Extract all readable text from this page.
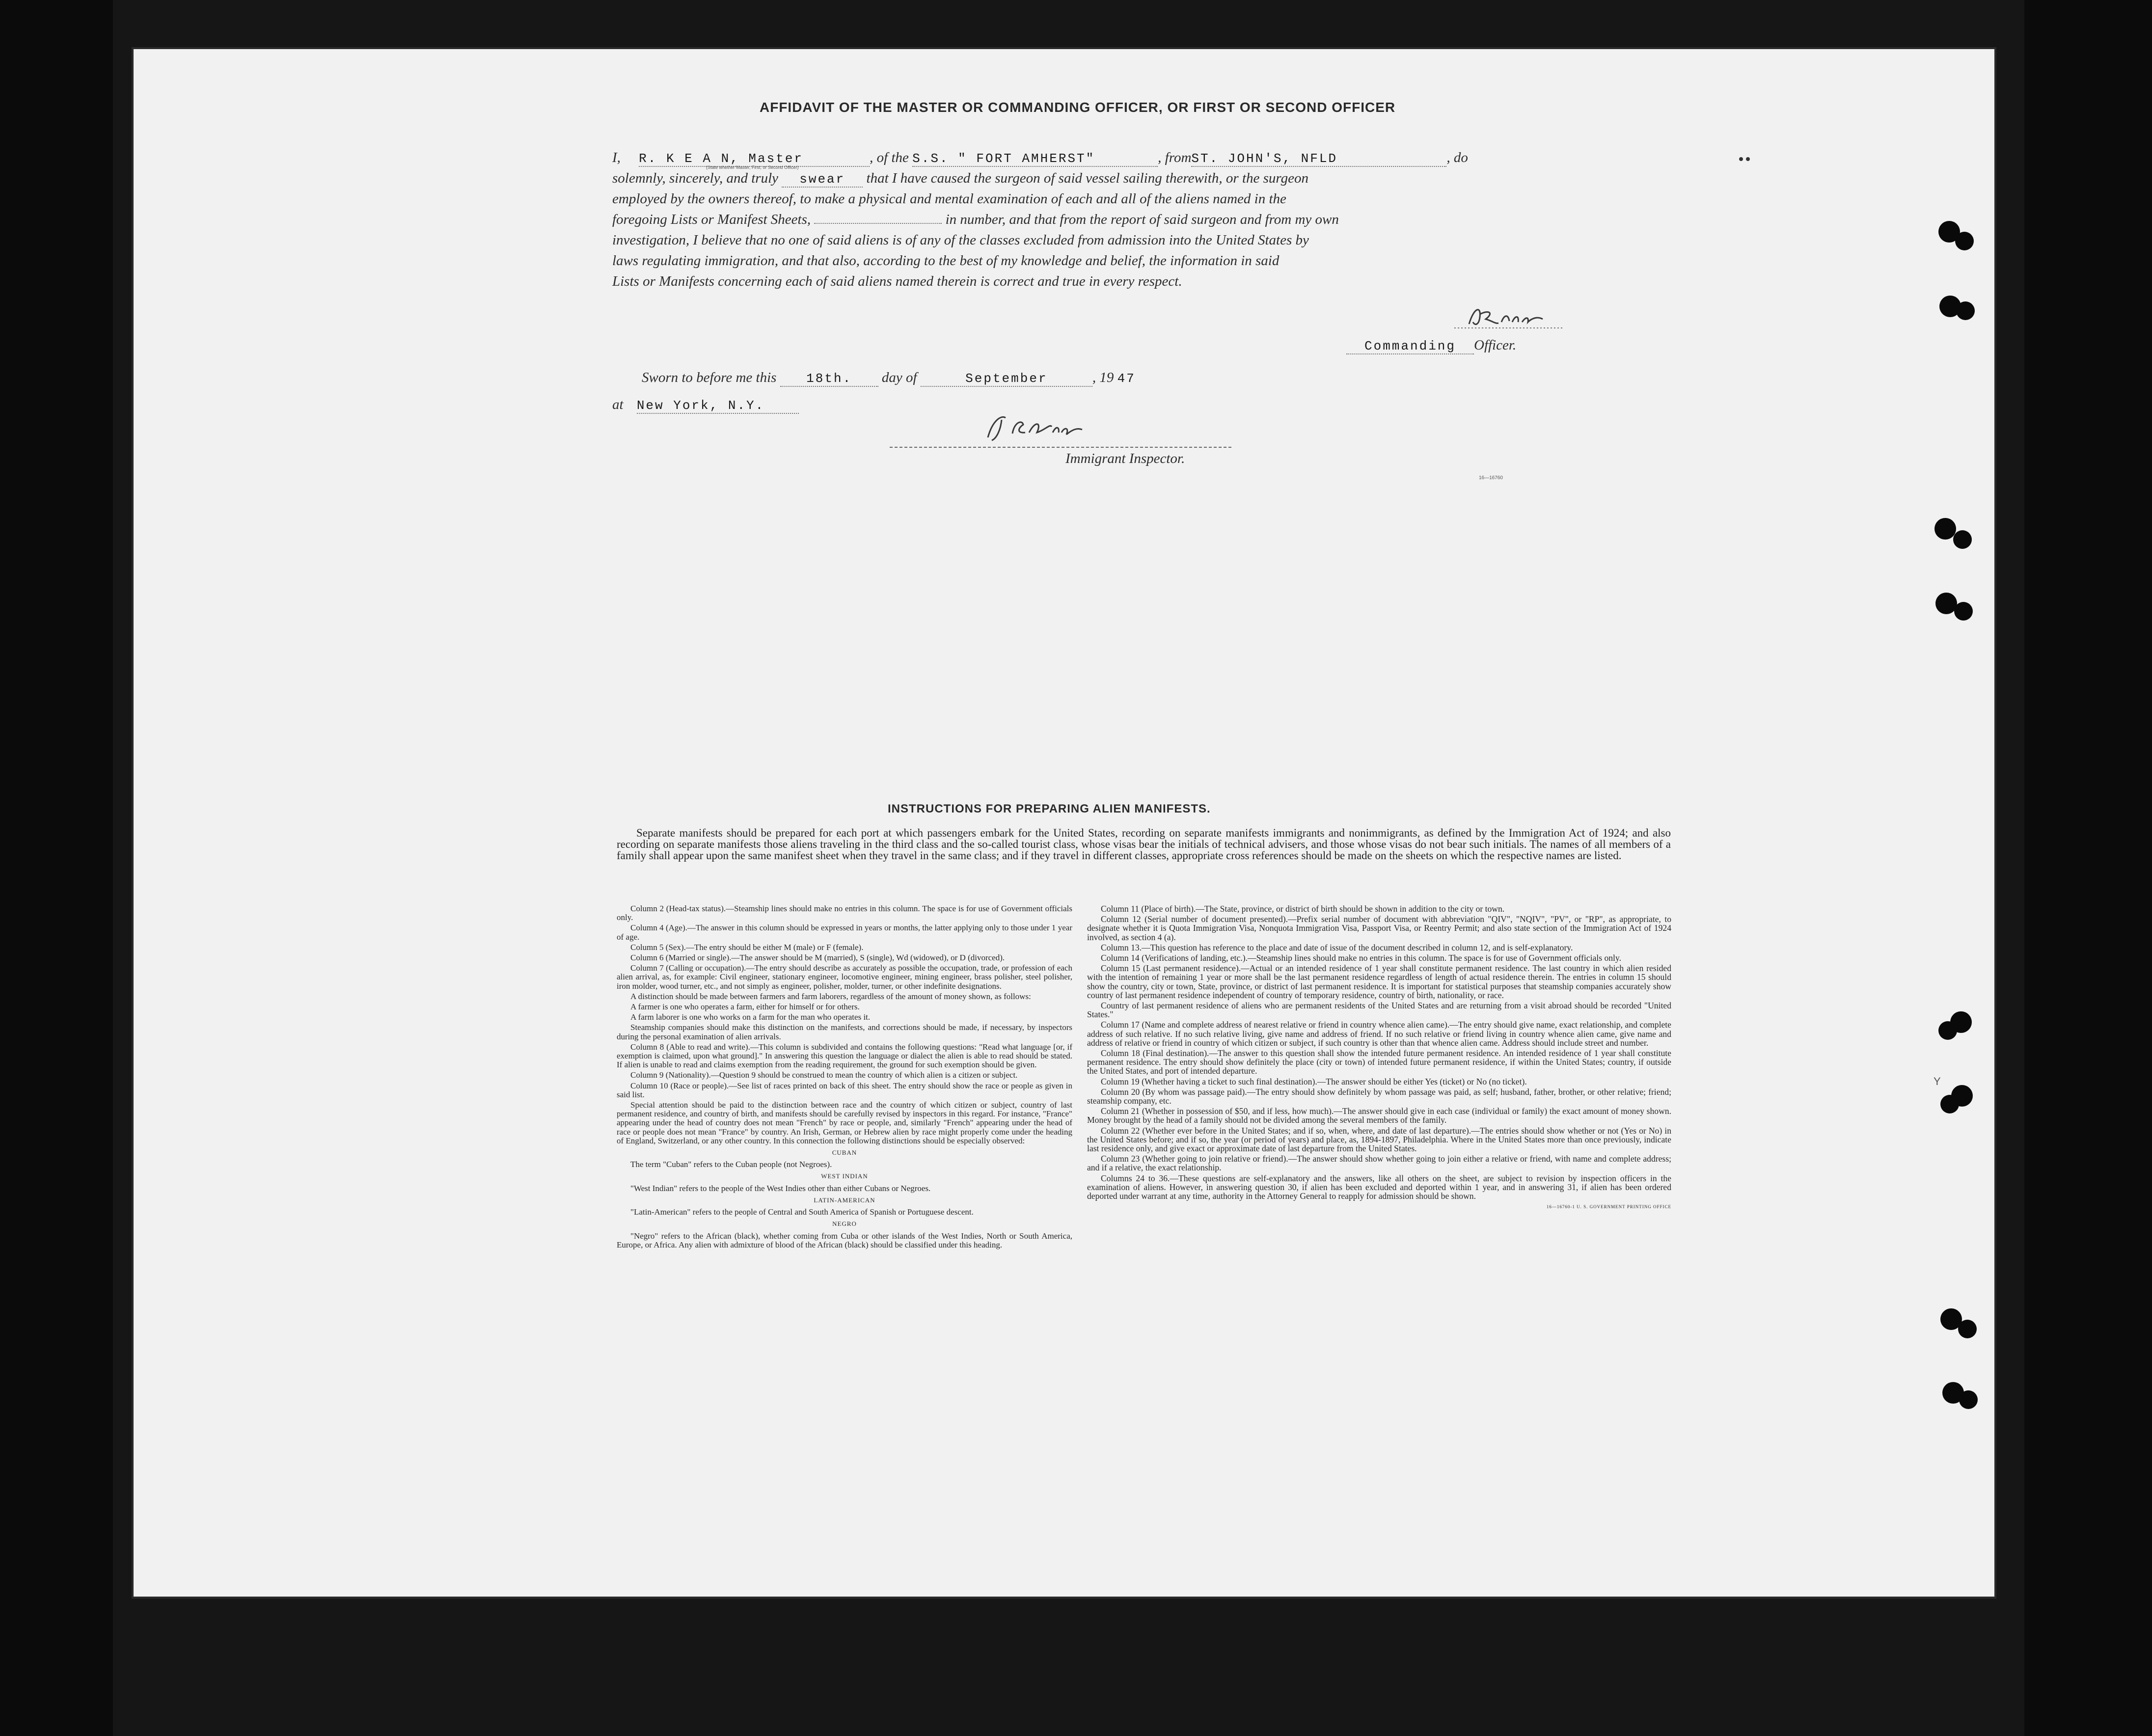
AFFIDAVIT OF THE MASTER OR COMMANDING OFFICER, OR FIRST OR SECOND OFFICER
I, R. K E A N, Master	, of the S.S. " FORT AMHERST"	, fromST. JOHN'S, NFLD	, do
(State whether Master, First, or Second Officer)
solemnly, sincerely, and truly swear that I have caused the surgeon of said vessel sailing therewith, or the surgeon
employed by the owners thereof, to make a physical and mental examination of each and all of the aliens named in the
foregoing Lists or Manifest Sheets,	in number, and that from the report of said surgeon and from my own
investigation, I believe that no one of said aliens is of any of the classes excluded from admission into the United States by
laws regulating immigration, and that also, according to the best of my knowledge and belief, the information in said
Lists or Manifests concerning each of said aliens named therein is correct and true in every respect.
Commanding Officer.
Sworn to before me this 18th. day of	September	, 19 47
at New York, N.Y.
Immigrant Inspector.
16—16760
INSTRUCTIONS FOR PREPARING ALIEN MANIFESTS.
Separate manifests should be prepared for each port at which passengers embark for the United States, recording on separate manifests immigrants and nonimmigrants, as defined by the Immigration Act of 1924; and also recording on separate manifests those aliens traveling in the third class and the so-called tourist class, whose visas bear the initials of technical advisers, and those whose visas do not bear such initials. The names of all members of a family shall appear upon the same manifest sheet when they travel in the same class; and if they travel in different classes, appropriate cross references should be made on the sheets on which the respective names are listed.

Column 2 (Head-tax status).—Steamship lines should make no entries in this column. The space is for use of Government officials only.

Column 4 (Age).—The answer in this column should be expressed in years or months, the latter applying only to those under 1 year of age.

Column 5 (Sex).—The entry should be either M (male) or F (female).

Column 6 (Married or single).—The answer should be M (married), S (single), Wd (widowed), or D (divorced).

Column 7 (Calling or occupation).—The entry should describe as accurately as possible the occupation, trade, or profession of each alien arrival, as, for example: Civil engineer, stationary engineer, locomotive engineer, mining engineer, brass polisher, steel polisher, iron molder, wood turner, etc., and not simply as engineer, polisher, molder, turner, or other indefinite designations.

A distinction should be made between farmers and farm laborers, regardless of the amount of money shown, as follows:

A farmer is one who operates a farm, either for himself or for others.

A farm laborer is one who works on a farm for the man who operates it.

Steamship companies should make this distinction on the manifests, and corrections should be made, if necessary, by inspectors during the personal examination of alien arrivals.

Column 8 (Able to read and write).—This column is subdivided and contains the following questions: "Read what language [or, if exemption is claimed, upon what ground]." In answering this question the language or dialect the alien is able to read should be stated. If alien is unable to read and claims exemption from the reading requirement, the ground for such exemption should be given.

Column 9 (Nationality).—Question 9 should be construed to mean the country of which alien is a citizen or subject.

Column 10 (Race or people).—See list of races printed on back of this sheet. The entry should show the race or people as given in said list.

Special attention should be paid to the distinction between race and the country of which citizen or subject, country of last permanent residence, and country of birth, and manifests should be carefully revised by inspectors in this regard. For instance, "France" appearing under the head of country does not mean "French" by race or people, and, similarly "French" appearing under the head of race or people does not mean "France" by country. An Irish, German, or Hebrew alien by race might properly come under the heading of England, Switzerland, or any other country. In this connection the following distinctions should be especially observed:

CUBAN

The term "Cuban" refers to the Cuban people (not Negroes).

WEST INDIAN

"West Indian" refers to the people of the West Indies other than either Cubans or Negroes.

LATIN-AMERICAN

"Latin-American" refers to the people of Central and South America of Spanish or Portuguese descent.

NEGRO

"Negro" refers to the African (black), whether coming from Cuba or other islands of the West Indies, North or South America, Europe, or Africa. Any alien with admixture of blood of the African (black) should be classified under this heading.

Column 11 (Place of birth).—The State, province, or district of birth should be shown in addition to the city or town.

Column 12 (Serial number of document presented).—Prefix serial number of document with abbreviation "QIV", "NQIV", "PV", or "RP", as appropriate, to designate whether it is Quota Immigration Visa, Nonquota Immigration Visa, Passport Visa, or Reentry Permit; and also state section of the Immigration Act of 1924 involved, as section 4 (a).

Column 13.—This question has reference to the place and date of issue of the document described in column 12, and is self-explanatory.

Column 14 (Verifications of landing, etc.).—Steamship lines should make no entries in this column. The space is for use of Government officials only.

Column 15 (Last permanent residence).—Actual or an intended residence of 1 year shall constitute permanent residence. The last country in which alien resided with the intention of remaining 1 year or more shall be the last permanent residence regardless of length of actual residence therein. The entries in column 15 should show the country, city or town, State, province, or district of last permanent residence. It is important for statistical purposes that steamship companies accurately show country of last permanent residence independent of country of temporary residence, country of birth, nationality, or race.

Country of last permanent residence of aliens who are permanent residents of the United States and are returning from a visit abroad should be recorded "United States."

Column 17 (Name and complete address of nearest relative or friend in country whence alien came).—The entry should give name, exact relationship, and complete address of such relative. If no such relative living, give name and address of friend. If no such relative or friend living in country whence alien came, give name and address of relative or friend in country of which citizen or subject, if such country is other than that whence alien came. Address should include street and number.

Column 18 (Final destination).—The answer to this question shall show the intended future permanent residence. An intended residence of 1 year shall constitute permanent residence. The entry should show definitely the place (city or town) of intended future permanent residence, if within the United States; country, if outside the United States, and port of intended departure.

Column 19 (Whether having a ticket to such final destination).—The answer should be either Yes (ticket) or No (no ticket).

Column 20 (By whom was passage paid).—The entry should show definitely by whom passage was paid, as self; husband, father, brother, or other relative; friend; steamship company, etc.

Column 21 (Whether in possession of $50, and if less, how much).—The answer should give in each case (individual or family) the exact amount of money shown. Money brought by the head of a family should not be divided among the several members of the family.

Column 22 (Whether ever before in the United States; and if so, when, where, and date of last departure).—The entries should show whether or not (Yes or No) in the United States before; and if so, the year (or period of years) and place, as, 1894-1897, Philadelphia. Where in the United States more than once previously, indicate last residence only, and give exact or approximate date of last departure from the United States.

Column 23 (Whether going to join relative or friend).—The answer should show whether going to join either a relative or friend, with name and complete address; and if a relative, the exact relationship.

Columns 24 to 36.—These questions are self-explanatory and the answers, like all others on the sheet, are subject to revision by inspection officers in the examination of aliens. However, in answering question 30, if alien has been excluded and deported within 1 year, and in answering 31, if alien has been ordered deported under warrant at any time, authority in the Attorney General to reapply for admission should be shown.

16—16760-1 U. S. GOVERNMENT PRINTING OFFICE

Y
